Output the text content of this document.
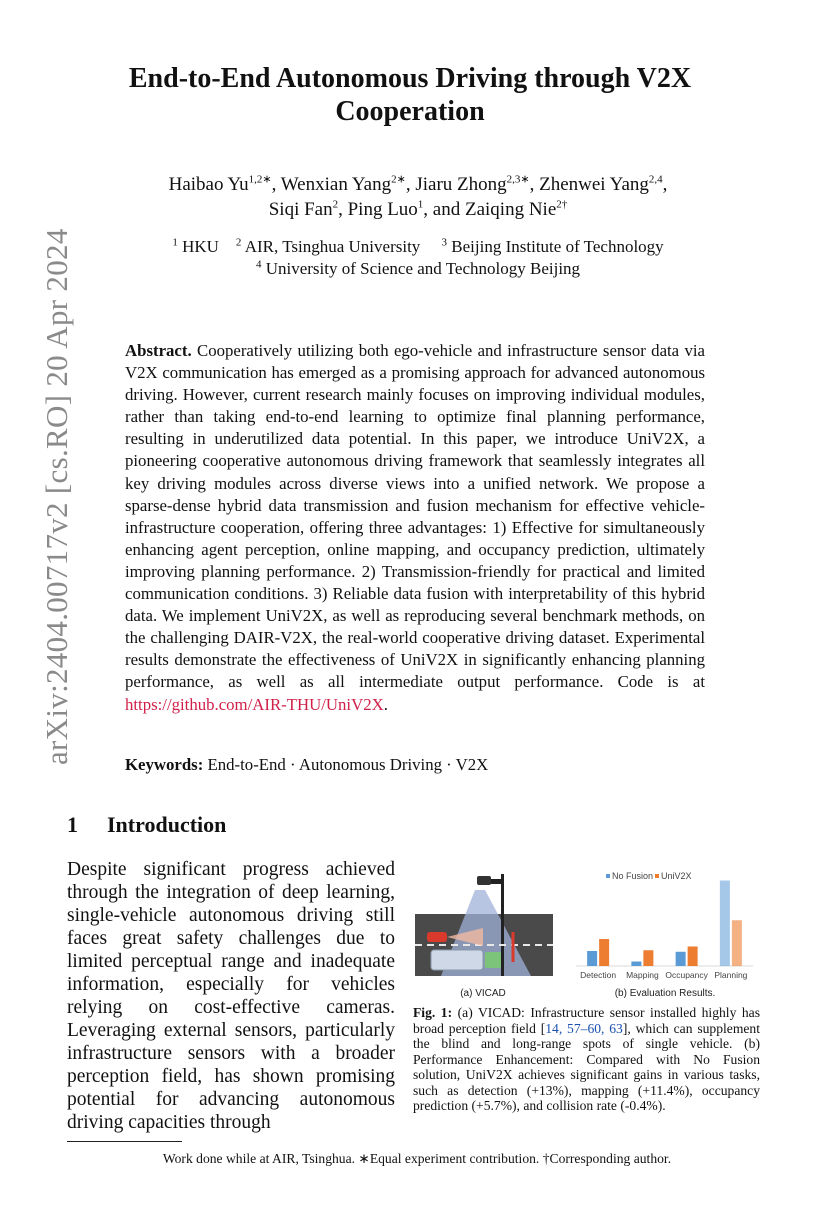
arXiv:2404.00717v2 [cs.RO] 20 Apr 2024
End-to-End Autonomous Driving through V2X Cooperation
Haibao $Yu^{1,2∗}$, Wenxian Yang$^{2∗}$, Jiaru Zhong$^{2,3∗}$, Zhenwei Yang$^{2,4}$,
Siqi Fan$^2$, Ping Luo$^1$, and Zaiqing Nie$^{2\dagger}$
$^1$ HKU $^2$ AIR, Tsinghua University $^3$ Beijing Institute of Technology
$^4$ University of Science and Technology Beijing
Abstract. Cooperatively utilizing both ego-vehicle and infrastructure sensor data via V2X communication has emerged as a promising approach for advanced autonomous driving. However, current research mainly focuses on improving individual modules, rather than taking end-to-end learning to optimize final planning performance, resulting in underutilized data potential. In this paper, we introduce UniV2X, a pioneering cooperative autonomous driving framework that seamlessly integrates all key driving modules across diverse views into a unified network. We propose a sparse-dense hybrid data transmission and fusion mechanism for effective vehicle-infrastructure cooperation, offering three advantages: 1) Effective for simultaneously enhancing agent perception, online mapping, and occupancy prediction, ultimately improving planning performance. 2) Transmission-friendly for practical and limited communication conditions. 3) Reliable data fusion with interpretability of this hybrid data. We implement UniV2X, as well as reproducing several benchmark methods, on the challenging DAIR-V2X, the real-world cooperative driving dataset. Experimental results demonstrate the effectiveness of UniV2X in significantly enhancing planning performance, as well as all intermediate output performance. Code is at https://github.com/AIR-THU/UniV2X.
Keywords: End-to-End · Autonomous Driving · V2X
1 Introduction
Despite significant progress achieved through the integration of deep learning, single-vehicle autonomous driving still faces great safety challenges due to limited perceptual range and inadequate information, especially for vehicles relying on cost-effective cameras. Leveraging external sensors, particularly infrastructure sensors with a broader perception field, has shown promising potential for advancing autonomous driving capacities through
(a) VICAD
No Fusion UniV2X
(b) Evaluation Results.
Detection Mapping Occupancy Planning
Fig. 1: (a) VICAD: Infrastructure sensor installed highly has broad perception field [14, 57–60, 63], which can supplement the blind and long-range spots of single vehicle. (b) Performance Enhancement: Compared with No Fusion solution, UniV2X achieves significant gains in various tasks, such as detection (+13%), mapping (+11.4%), occupancy prediction (+5.7%), and collision rate (-0.4%).
Work done while at AIR, Tsinghua. ∗Equal experiment contribution. †Corresponding author.
